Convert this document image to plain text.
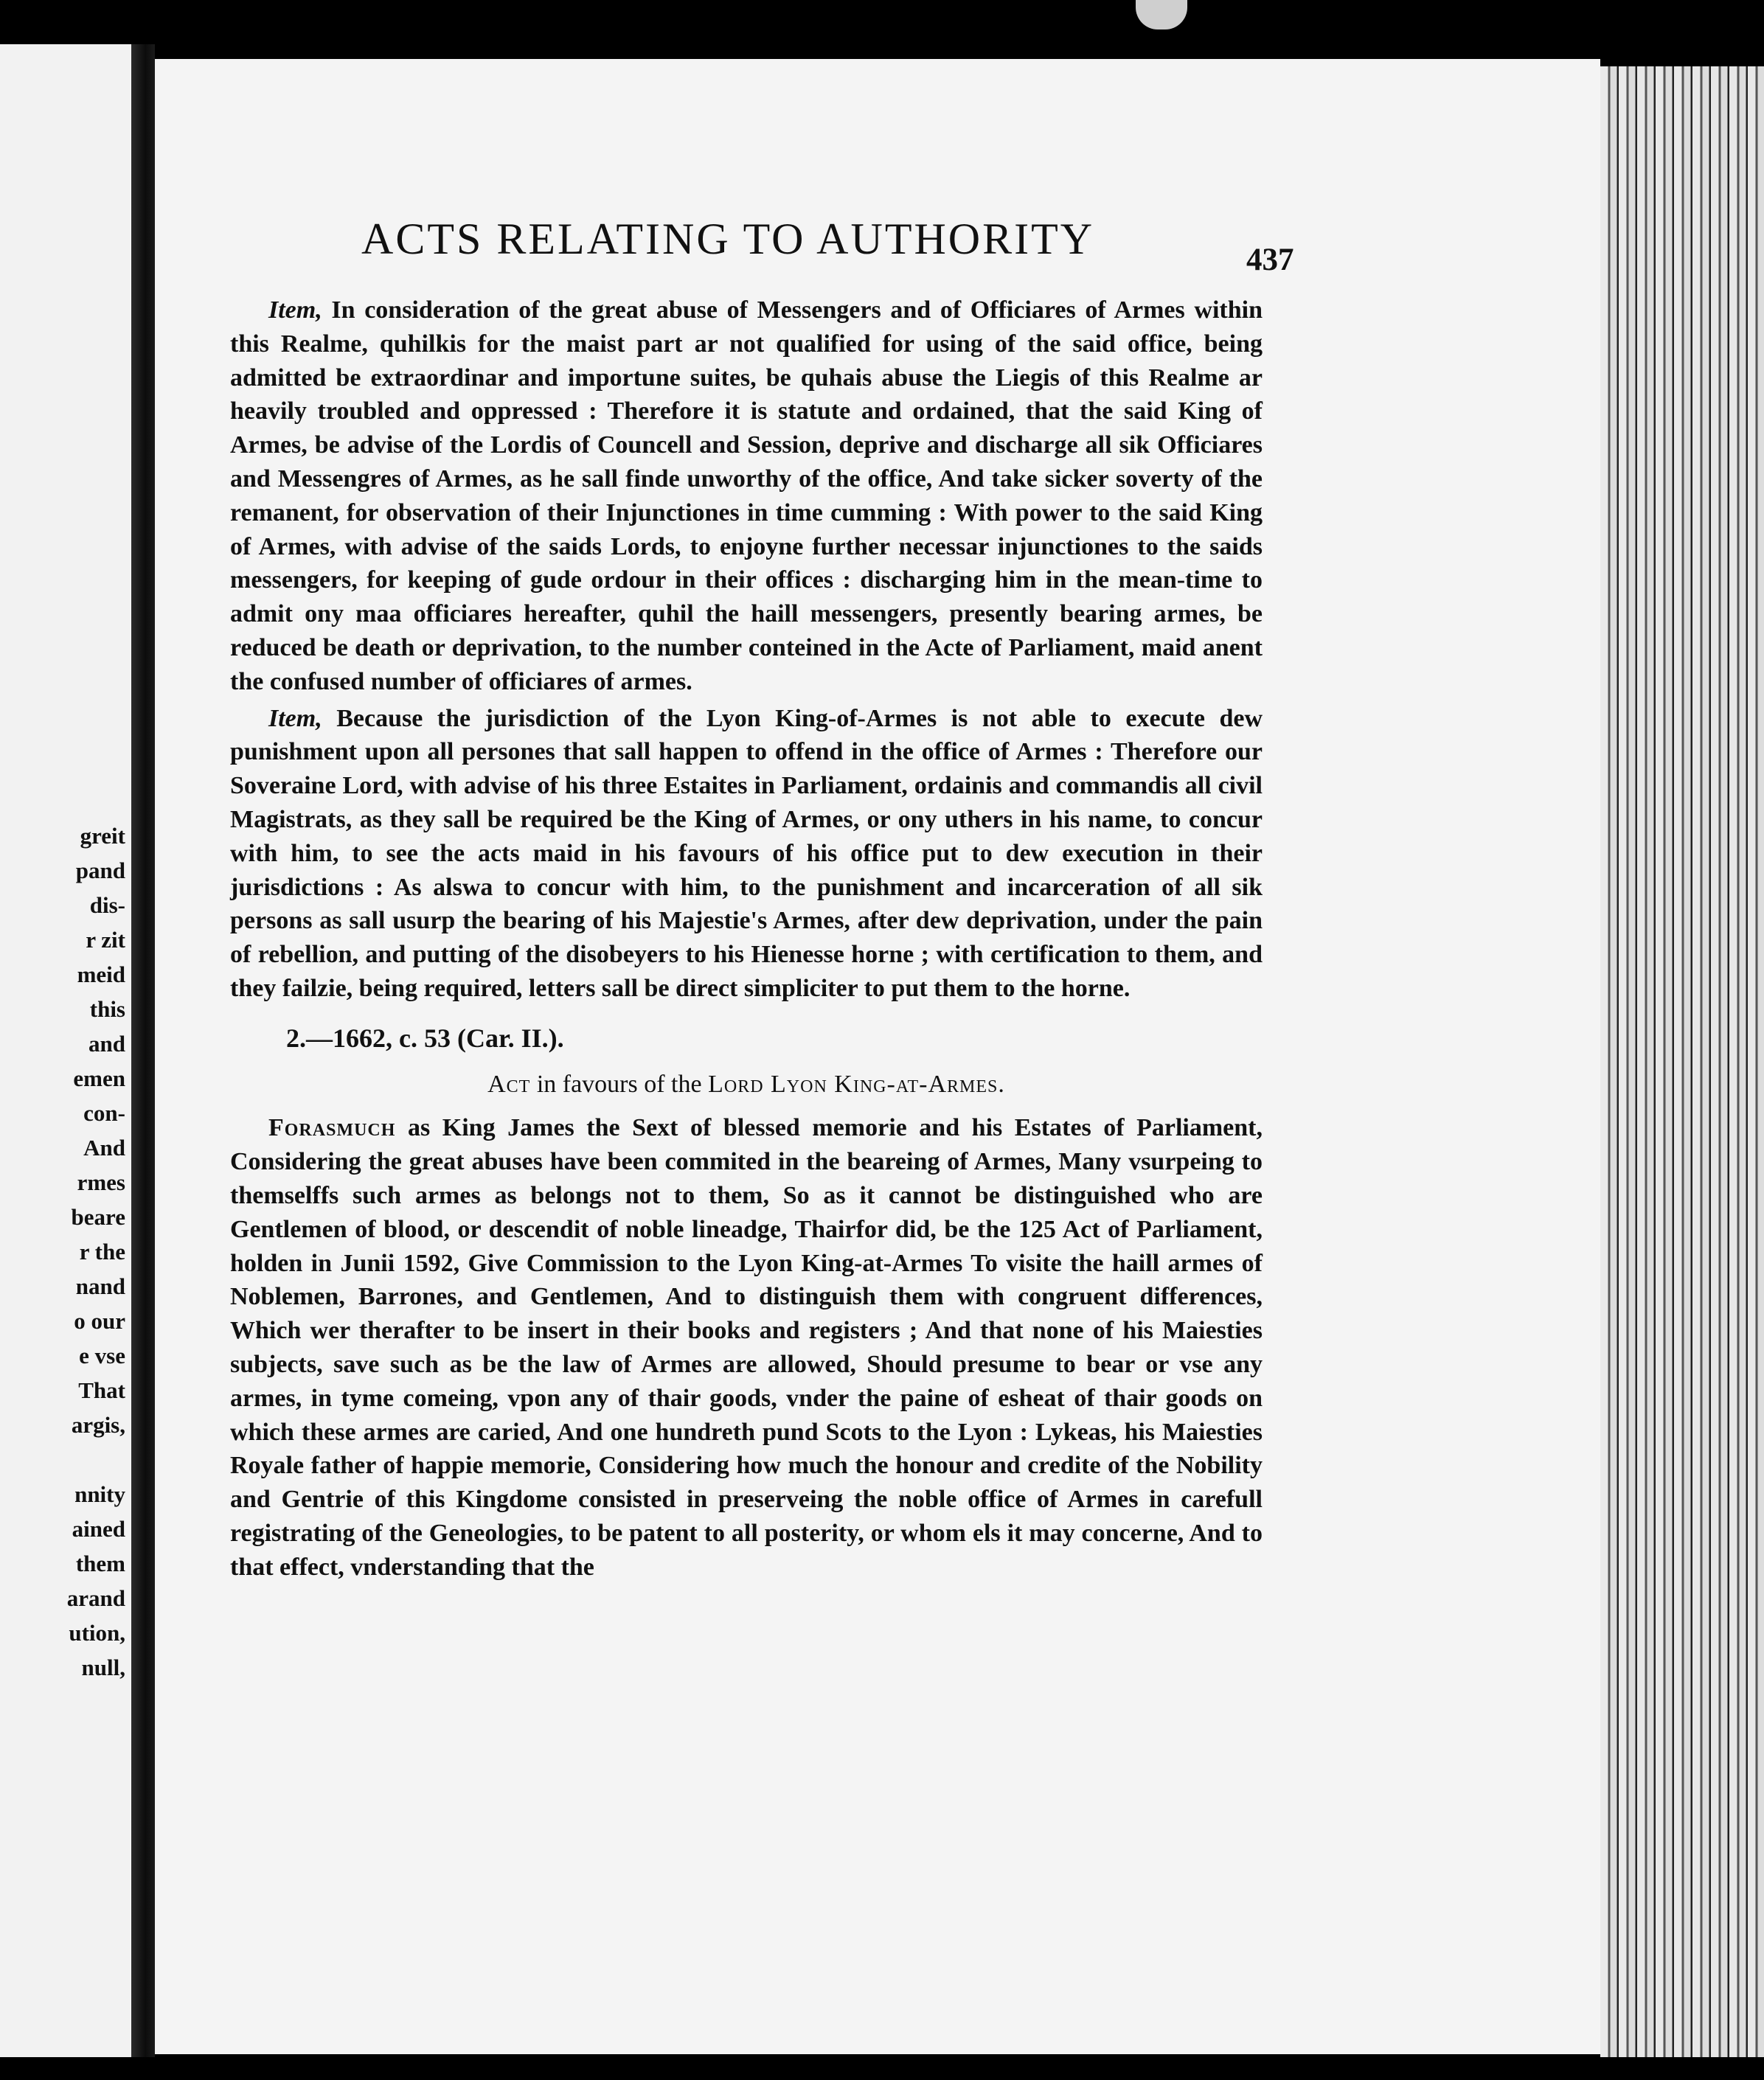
greit
pand
dis-
r zit
meid
this
and
emen
con-
And
rmes
beare
r the
nand
o our
e vse
That
argis,
nnity
ained
them
arand
ution,
null,
ACTS RELATING TO AUTHORITY	437

Item, In consideration of the great abuse of Messengers and of Officiares of Armes within this Realme, quhilkis for the maist part ar not qualified for using of the said office, being admitted be extraordinar and importune suites, be quhais abuse the Liegis of this Realme ar heavily troubled and oppressed : Therefore it is statute and ordained, that the said King of Armes, be advise of the Lordis of Councell and Session, deprive and discharge all sik Officiares and Messengres of Armes, as he sall finde unworthy of the office, And take sicker soverty of the remanent, for observation of their Injunctiones in time cumming : With power to the said King of Armes, with advise of the saids Lords, to enjoyne further necessar injunctiones to the saids messengers, for keeping of gude ordour in their offices : discharging him in the mean-time to admit ony maa officiares hereafter, quhil the haill messengers, presently bearing armes, be reduced be death or deprivation, to the number conteined in the Acte of Parliament, maid anent the confused number of officiares of armes.

Item, Because the jurisdiction of the Lyon King-of-Armes is not able to execute dew punishment upon all persones that sall happen to offend in the office of Armes : Therefore our Soveraine Lord, with advise of his three Estaites in Parliament, ordainis and commandis all civil Magistrats, as they sall be required be the King of Armes, or ony uthers in his name, to concur with him, to see the acts maid in his favours of his office put to dew execution in their jurisdictions : As alswa to concur with him, to the punishment and incarceration of all sik persons as sall usurp the bearing of his Majestie's Armes, after dew deprivation, under the pain of rebellion, and putting of the disobeyers to his Hienesse horne ; with certification to them, and they failzie, being required, letters sall be direct simpliciter to put them to the horne.

2.—1662, c. 53 (Car. II.).
Act in favours of the Lord Lyon King-at-Armes.

Forasmuch as King James the Sext of blessed memorie and his Estates of Parliament, Considering the great abuses have been commited in the beareing of Armes, Many vsurpeing to themselffs such armes as belongs not to them, So as it cannot be distinguished who are Gentlemen of blood, or descendit of noble lineadge, Thairfor did, be the 125 Act of Parliament, holden in Junii 1592, Give Commission to the Lyon King-at-Armes To visite the haill armes of Noblemen, Barrones, and Gentlemen, And to distinguish them with congruent differences, Which wer therafter to be insert in their books and registers ; And that none of his Maiesties subjects, save such as be the law of Armes are allowed, Should presume to bear or vse any armes, in tyme comeing, vpon any of thair goods, vnder the paine of esheat of thair goods on which these armes are caried, And one hundreth pund Scots to the Lyon : Lykeas, his Maiesties Royale father of happie memorie, Considering how much the honour and credite of the Nobility and Gentrie of this Kingdome consisted in preserveing the noble office of Armes in carefull registrating of the Geneologies, to be patent to all posterity, or whom els it may concerne, And to that effect, vnderstanding that the
